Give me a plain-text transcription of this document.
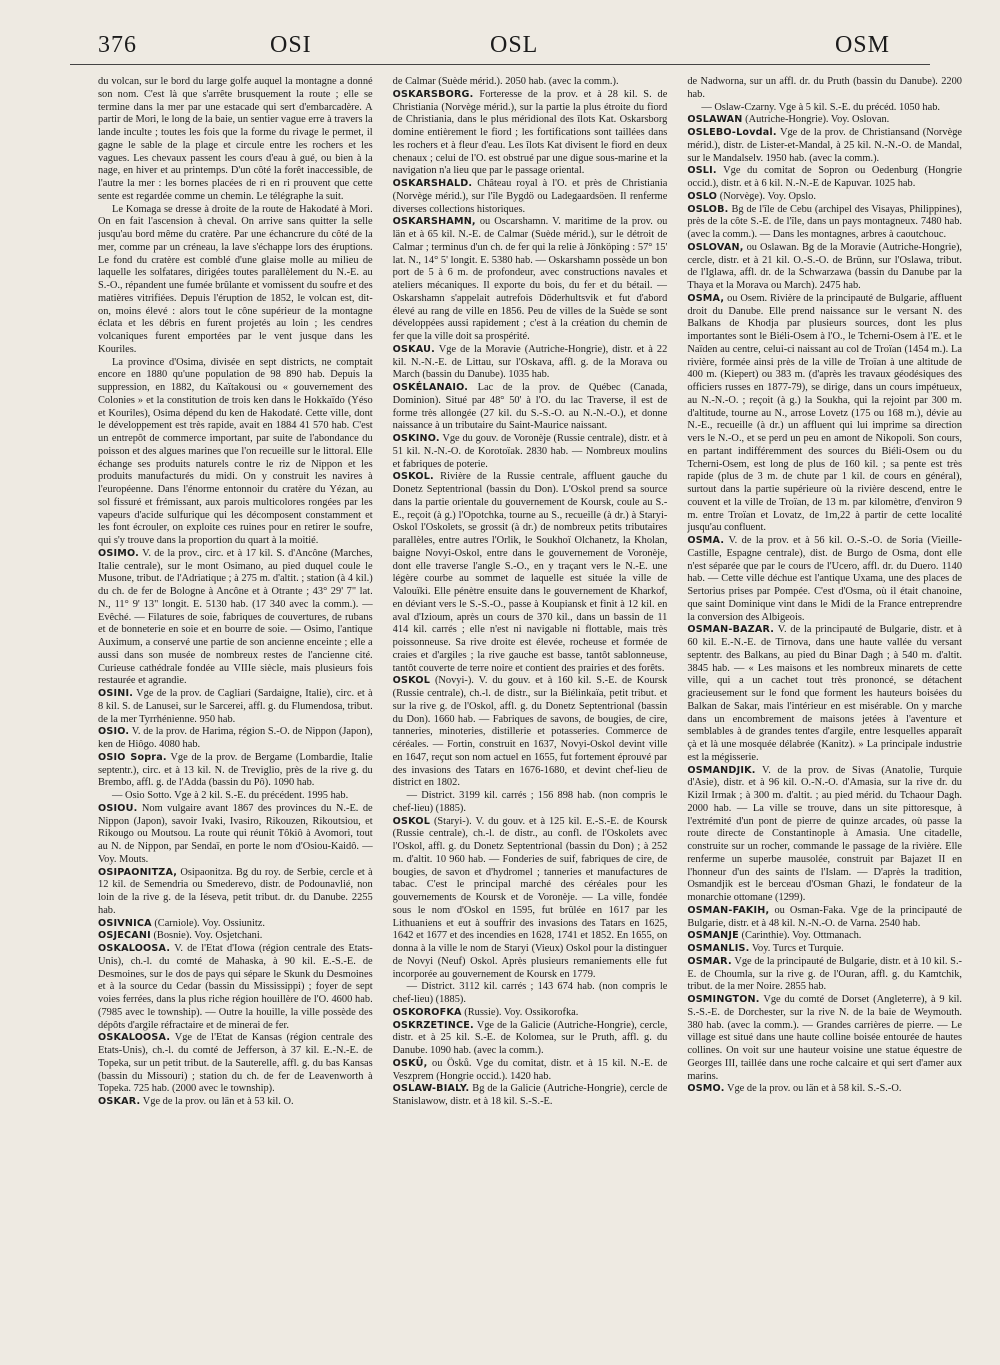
376	OSI	OSL	OSM

du volcan, sur le bord du large golfe auquel la montagne a donné son nom. C'est là que s'arrête brusquement la route ; elle se termine dans la mer par une estacade qui sert d'embarcadère. A partir de Mori, le long de la baie, un sentier vague erre à travers la lande inculte ; toutes les fois que la forme du rivage le permet, il gagne le sable de la plage et circule entre les rochers et les vagues. Les chevaux passent les cours d'eau à gué, ou bien à la nage, en hiver et au printemps. D'un côté la forêt inaccessible, de l'autre la mer : les bornes placées de ri en ri prouvent que cette sente est regardée comme un chemin. Le télégraphe la suit.

Le Komaga se dresse à droite de la route de Hakodaté à Mori. On en fait l'ascension à cheval. On arrive sans quitter la selle jusqu'au bord même du cratère. Par une échancrure du côté de la mer, comme par un créneau, la lave s'échappe lors des éruptions. Le fond du cratère est comblé d'une glaise molle au milieu de laquelle les solfatares, dirigées toutes parallèlement du N.-E. au S.-O., répandent une fumée brûlante et vomissent du soufre et des matières vitrifiées. Depuis l'éruption de 1852, le volcan est, dit-on, moins élevé : alors tout le cône supérieur de la montagne éclata et les débris en furent projetés au loin ; les cendres volcaniques furent emportées par le vent jusque dans les Kouriles.

La province d'Osima, divisée en sept districts, ne comptait encore en 1880 qu'une population de 98 890 hab. Depuis la suppression, en 1882, du Kaïtakousi ou « gouvernement des Colonies » et la constitution de trois ken dans le Hokkaïdo (Yéso et Kouriles), Osima dépend du ken de Hakodaté. Cette ville, dont le développement est très rapide, avait en 1884 41 570 hab. C'est un entrepôt de commerce important, par suite de l'abondance du poisson et des algues marines que l'on recueille sur le littoral. Elle échange ses produits naturels contre le riz de Nippon et les produits manufacturés du midi. On y construit les navires à l'européenne. Dans l'énorme entonnoir du cratère du Yézan, au sol fissuré et frémissant, aux parois multicolores rongées par les vapeurs d'acide sulfurique qui les décomposent constamment et les font écrouler, on exploite ces ruines pour en retirer le soufre, qui s'y trouve dans la proportion du quart à la moitié.

OSIMO. V. de la prov., circ. et à 17 kil. S. d'Ancône (Marches, Italie centrale), sur le mont Osimano, au pied duquel coule le Musone, tribut. de l'Adriatique ; à 275 m. d'altit. ; station (à 4 kil.) du ch. de fer de Bologne à Ancône et à Otrante ; 43° 29' 7" lat. N., 11° 9' 13" longit. E. 5130 hab. (17 340 avec la comm.). — Evêché. — Filatures de soie, fabriques de couvertures, de rubans et de bonneterie en soie et en bourre de soie. — Osimo, l'antique Auximum, a conservé une partie de son ancienne enceinte ; elle a aussi dans son musée de nombreux restes de l'ancienne cité. Curieuse cathédrale fondée au VIIIe siècle, mais plusieurs fois restaurée et agrandie.

OSINI. Vge de la prov. de Cagliari (Sardaigne, Italie), circ. et à 8 kil. S. de Lanusei, sur le Sarcerei, affl. g. du Flumendosa, tribut. de la mer Tyrrhénienne. 950 hab.

OSIO. V. de la prov. de Harima, région S.-O. de Nippon (Japon), ken de Hiôgo. 4080 hab.

OSIO Sopra. Vge de la prov. de Bergame (Lombardie, Italie septentr.), circ. et à 13 kil. N. de Treviglio, près de la rive g. du Brembo, affl. g. de l'Adda (bassin du Pô). 1090 hab.

— Osio Sotto. Vge à 2 kil. S.-E. du précédent. 1995 hab.

OSIOU. Nom vulgaire avant 1867 des provinces du N.-E. de Nippon (Japon), savoir Ivaki, Ivasiro, Rikouzen, Rikoutsiou, et Rikougo ou Moutsou. La route qui réunit Tôkiô à Avomori, tout au N. de Nippon, par Sendaï, en porte le nom d'Osiou-Kaidô. — Voy. Mouts.

OSIPAONITZA, Osipaonitza. Bg du roy. de Serbie, cercle et à 12 kil. de Semendria ou Smederevo, distr. de Podounavlié, non loin de la rive g. de la Iéseva, petit tribut. dr. du Danube. 2255 hab.

OSIVNICA (Carniole). Voy. Ossiunitz.

OSJECANI (Bosnie). Voy. Osjetchani.

OSKALOOSA. V. de l'Etat d'Iowa (région centrale des Etats-Unis), ch.-l. du comté de Mahaska, à 90 kil. E.-S.-E. de Desmoines, sur le dos de pays qui sépare le Skunk du Desmoines et à la source du Cedar (bassin du Mississippi) ; foyer de sept voies ferrées, dans la plus riche région houillère de l'O. 4600 hab. (7985 avec le township). — Outre la houille, la ville possède des dépôts d'argile réfractaire et de minerai de fer.

OSKALOOSA. Vge de l'Etat de Kansas (région centrale des Etats-Unis), ch.-l. du comté de Jefferson, à 37 kil. E.-N.-E. de Topeka, sur un petit tribut. de la Sauterelle, affl. g. du bas Kansas (bassin du Missouri) ; station du ch. de fer de Leavenworth à Topeka. 725 hab. (2000 avec le township).

OSKAR. Vge de la prov. ou län et à 53 kil. O.

de Calmar (Suède mérid.). 2050 hab. (avec la comm.).

OSKARSBORG. Forteresse de la prov. et à 28 kil. S. de Christiania (Norvège mérid.), sur la partie la plus étroite du fiord de Christiania, dans le plus méridional des îlots Kat. Oskarsborg domine entièrement le fiord ; les fortifications sont taillées dans les rochers et à fleur d'eau. Les îlots Kat divisent le fiord en deux chenaux ; celui de l'O. est obstrué par une digue sous-marine et la navigation n'a lieu que par le passage oriental.

OSKARSHALD. Château royal à l'O. et près de Christiania (Norvège mérid.), sur l'île Bygdö ou Ladegaardsöen. Il renferme diverses collections historiques.

OSKARSHAMN, ou Oscarshamn. V. maritime de la prov. ou län et à 65 kil. N.-E. de Calmar (Suède mérid.), sur le détroit de Calmar ; terminus d'un ch. de fer qui la relie à Jönköping : 57° 15' lat. N., 14° 5' longit. E. 5380 hab. — Oskarshamn possède un bon port de 5 à 6 m. de profondeur, avec constructions navales et ateliers mécaniques. Il exporte du bois, du fer et du bétail. — Oskarshamn s'appelait autrefois Döderhultsvik et fut d'abord élevé au rang de ville en 1856. Peu de villes de la Suède se sont développées aussi rapidement ; c'est à la création du chemin de fer que la ville doit sa prospérité.

OSKAU. Vge de la Moravie (Autriche-Hongrie), distr. et à 22 kil. N.-N.-E. de Littau, sur l'Oskava, affl. g. de la Morava ou March (bassin du Danube). 1035 hab.

OSKÉLANAIO. Lac de la prov. de Québec (Canada, Dominion). Situé par 48° 50' à l'O. du lac Traverse, il est de forme très allongée (27 kil. du S.-S.-O. au N.-N.-O.), et donne naissance à un tributaire du Saint-Maurice naissant.

OSKINO. Vge du gouv. de Voronèje (Russie centrale), distr. et à 51 kil. N.-N.-O. de Korotoïak. 2830 hab. — Nombreux moulins et fabriques de poterie.

OSKOL. Rivière de la Russie centrale, affluent gauche du Donetz Septentrional (bassin du Don). L'Oskol prend sa source dans la partie orientale du gouvernement de Koursk, coule au S.-E., reçoit (à g.) l'Opotchka, tourne au S., recueille (à dr.) à Staryi-Oskol l'Oskolets, se grossit (à dr.) de nombreux petits tributaires parallèles, entre autres l'Orlik, le Soukhoï Olchanetz, la Kholan, baigne Novyi-Oskol, entre dans le gouvernement de Voronèje, dont elle traverse l'angle S.-O., en y traçant vers le N.-E. une légère courbe au sommet de laquelle est située la ville de Valouïki. Elle pénètre ensuite dans le gouvernement de Kharkof, en déviant vers le S.-S.-O., passe à Koupiansk et finit à 12 kil. en aval d'Izioum, après un cours de 370 kil., dans un bassin de 11 414 kil. carrés ; elle n'est ni navigable ni flottable, mais très poissonneuse. Sa rive droite est élevée, rocheuse et formée de craies et d'argiles ; la rive gauche est basse, tantôt sablonneuse, tantôt couverte de terre noire et contient des prairies et des forêts.

OSKOL (Novyi-). V. du gouv. et à 160 kil. S.-E. de Koursk (Russie centrale), ch.-l. de distr., sur la Biélinkaïa, petit tribut. et sur la rive g. de l'Oskol, affl. g. du Donetz Septentrional (bassin du Don). 1660 hab. — Fabriques de savons, de bougies, de cire, tanneries, minoteries, distillerie et potasseries. Commerce de céréales. — Fortin, construit en 1637, Novyi-Oskol devint ville en 1647, reçut son nom actuel en 1655, fut fortement éprouvé par des invasions des Tatars en 1676-1680, et devint chef-lieu de district en 1802.

— District. 3199 kil. carrés ; 156 898 hab. (non compris le chef-lieu) (1885).

OSKOL (Staryi-). V. du gouv. et à 125 kil. E.-S.-E. de Koursk (Russie centrale), ch.-l. de distr., au confl. de l'Oskolets avec l'Oskol, affl. g. du Donetz Septentrional (bassin du Don) ; à 252 m. d'altit. 10 960 hab. — Fonderies de suif, fabriques de cire, de bougies, de savon et d'hydromel ; tanneries et manufactures de tabac. C'est le principal marché des céréales pour les gouvernements de Koursk et de Voronèje. — La ville, fondée sous le nom d'Oskol en 1595, fut brûlée en 1617 par les Lithuaniens et eut à souffrir des invasions des Tatars en 1625, 1642 et 1677 et des incendies en 1628, 1741 et 1852. En 1655, on donna à la ville le nom de Staryi (Vieux) Oskol pour la distinguer de Novyi (Neuf) Oskol. Après plusieurs remaniements elle fut incorporée au gouvernement de Koursk en 1779.

— District. 3112 kil. carrés ; 143 674 hab. (non compris le chef-lieu) (1885).

OSKOROFKA (Russie). Voy. Ossikorofka.

OSKRZETINCE. Vge de la Galicie (Autriche-Hongrie), cercle, distr. et à 25 kil. S.-E. de Kolomea, sur le Pruth, affl. g. du Danube. 1090 hab. (avec la comm.).

OSKÜ, ou Ösků. Vge du comitat, distr. et à 15 kil. N.-E. de Veszprem (Hongrie occid.). 1420 hab.

OSLAW-BIALY. Bg de la Galicie (Autriche-Hongrie), cercle de Stanislawow, distr. et à 18 kil. S.-S.-E.

de Nadworna, sur un affl. dr. du Pruth (bassin du Danube). 2200 hab.

— Oslaw-Czarny. Vge à 5 kil. S.-E. du précéd. 1050 hab.

OSLAWAN (Autriche-Hongrie). Voy. Oslovan.

OSLEBO-Lovdal. Vge de la prov. de Christiansand (Norvège mérid.), distr. de Lister-et-Mandal, à 25 kil. N.-N.-O. de Mandal, sur le Mandalselv. 1950 hab. (avec la comm.).

OSLI. Vge du comitat de Sopron ou Oedenburg (Hongrie occid.), distr. et à 6 kil. N.-N.-E de Kapuvar. 1025 hab.

OSLO (Norvège). Voy. Opslo.

OSLOB. Bg de l'île de Cebu (archipel des Visayas, Philippines), près de la côte S.-E. de l'île, dans un pays montagneux. 7480 hab. (avec la comm.). — Dans les montagnes, arbres à caoutchouc.

OSLOVAN, ou Oslawan. Bg de la Moravie (Autriche-Hongrie), cercle, distr. et à 21 kil. O.-S.-O. de Brünn, sur l'Oslawa, tribut. de l'Iglawa, affl. dr. de la Schwarzawa (bassin du Danube par la Thaya et la Morava ou March). 2475 hab.

OSMA, ou Osem. Rivière de la principauté de Bulgarie, affluent droit du Danube. Elle prend naissance sur le versant N. des Balkans de Khodja par plusieurs sources, dont les plus importantes sont le Biéli-Osem à l'O., le Tcherni-Osem à l'E. et le Naïden au centre, celui-ci naissant au col de Troïan (1454 m.). La rivière, formée ainsi près de la ville de Troïan à une altitude de 400 m. (Kiepert) ou 383 m. (d'après les travaux géodésiques des officiers russes en 1877-79), se dirige, dans un cours impétueux, au N.-N.-O. ; reçoit (à g.) la Soukha, qui la rejoint par 300 m. d'altitude, tourne au N., arrose Lovetz (175 ou 168 m.), dévie au N.-E., recueille (à dr.) un affluent qui lui imprime sa direction vers le N.-O., et se perd un peu en amont de Nikopoli. Son cours, en partant indifféremment des sources du Biéli-Osem ou du Tcherni-Osem, est long de plus de 160 kil. ; sa pente est très rapide (plus de 3 m. de chute par 1 kil. de cours en général), surtout dans la partie supérieure où la rivière descend, entre le couvent et la ville de Troïan, de 13 m. par kilomètre, d'environ 9 m. entre Troïan et Lovatz, de 1m,22 à partir de cette localité jusqu'au confluent.

OSMA. V. de la prov. et à 56 kil. O.-S.-O. de Soria (Vieille-Castille, Espagne centrale), dist. de Burgo de Osma, dont elle n'est séparée que par le cours de l'Ucero, affl. dr. du Duero. 1140 hab. — Cette ville déchue est l'antique Uxama, une des places de Sertorius prises par Pompée. C'est d'Osma, où il était chanoine, que saint Dominique vint dans le Midi de la France entreprendre la conversion des Albigeois.

OSMAN-BAZAR. V. de la principauté de Bulgarie, distr. et à 60 kil. E.-N.-E. de Tirnova, dans une haute vallée du versant septentr. des Balkans, au pied du Binar Dagh ; à 540 m. d'altit. 3845 hab. — « Les maisons et les nombreux minarets de cette ville, qui a un cachet tout très prononcé, se détachent gracieusement sur le fond que forment les hauteurs boisées du Balkan de Sakar, mais l'intérieur en est misérable. On y marche dans un encombrement de maisons jetées à l'aventure et semblables à de grandes tentes d'argile, entre lesquelles apparaît çà et là une mosquée délabrée (Kanitz). » La principale industrie est la mégisserie.

OSMANDJIK. V. de la prov. de Sivas (Anatolie, Turquie d'Asie), distr. et à 96 kil. O.-N.-O. d'Amasia, sur la rive dr. du Kizil Irmak ; à 300 m. d'altit. ; au pied mérid. du Tchaour Dagh. 2000 hab. — La ville se trouve, dans un site pittoresque, à l'extrémité d'un pont de pierre de quinze arcades, où passe la route directe de Constantinople à Amasia. Une citadelle, construite sur un rocher, commande le passage de la rivière. Elle renferme un superbe mausolée, construit par Bajazet II en l'honneur d'un des saints de l'Islam. — D'après la tradition, Osmandjik est le berceau d'Osman Ghazi, le fondateur de la monarchie ottomane (1299).

OSMAN-FAKIH, ou Osman-Faka. Vge de la principauté de Bulgarie, distr. et à 48 kil. N.-N.-O. de Varna. 2540 hab.

OSMANJE (Carinthie). Voy. Ottmanach.

OSMANLIS. Voy. Turcs et Turquie.

OSMAR. Vge de la principauté de Bulgarie, distr. et à 10 kil. S.-E. de Choumla, sur la rive g. de l'Ouran, affl. g. du Kamtchik, tribut. de la mer Noire. 2855 hab.

OSMINGTON. Vge du comté de Dorset (Angleterre), à 9 kil. S.-S.-E. de Dorchester, sur la rive N. de la baie de Weymouth. 380 hab. (avec la comm.). — Grandes carrières de pierre. — Le village est situé dans une haute colline boisée entourée de hautes collines. On voit sur une hauteur voisine une statue équestre de Georges III, taillée dans une roche calcaire et qui sert d'amer aux marins.

OSMO. Vge de la prov. ou län et à 58 kil. S.-S.-O.
